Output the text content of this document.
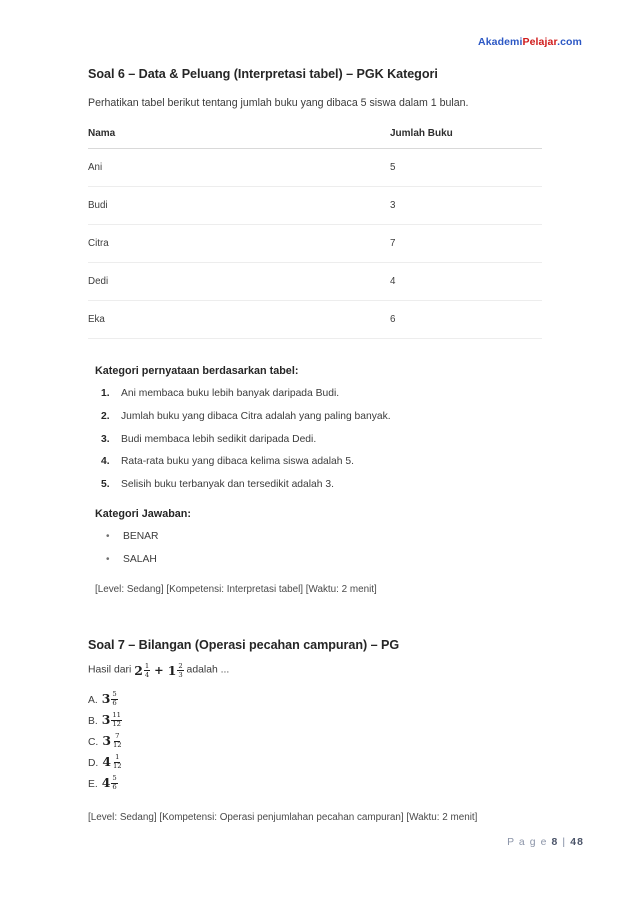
AkademiPelajar.com
Soal 6 – Data & Peluang (Interpretasi tabel) – PGK Kategori

Perhatikan tabel berikut tentang jumlah buku yang dibaca 5 siswa dalam 1 bulan.

Nama	Jumlah Buku
Ani	5
Budi	3
Citra	7
Dedi	4
Eka	6
Kategori pernyataan berdasarkan tabel:
Ani membaca buku lebih banyak daripada Budi.
Jumlah buku yang dibaca Citra adalah yang paling banyak.
Budi membaca lebih sedikit daripada Dedi.
Rata-rata buku yang dibaca kelima siswa adalah 5.
Selisih buku terbanyak dan tersedikit adalah 3.
Kategori Jawaban:
• BENAR
• SALAH

[Level: Sedang] [Kompetensi: Interpretasi tabel] [Waktu: 2 menit]

Soal 7 – Bilangan (Operasi pecahan campuran) – PG

Hasil dari $2 \frac{1}{4} + 1 \frac{2}{3}$ adalah ...

A. $3 \frac{5}{6}$
B. $3 \frac{11}{12}$
C. $3 \frac{7}{12}$
D. $4 \frac{1}{12}$
E. $4 \frac{5}{6}$

[Level: Sedang] [Kompetensi: Operasi penjumlahan pecahan campuran] [Waktu: 2 menit]

P a g e 8 | 48
